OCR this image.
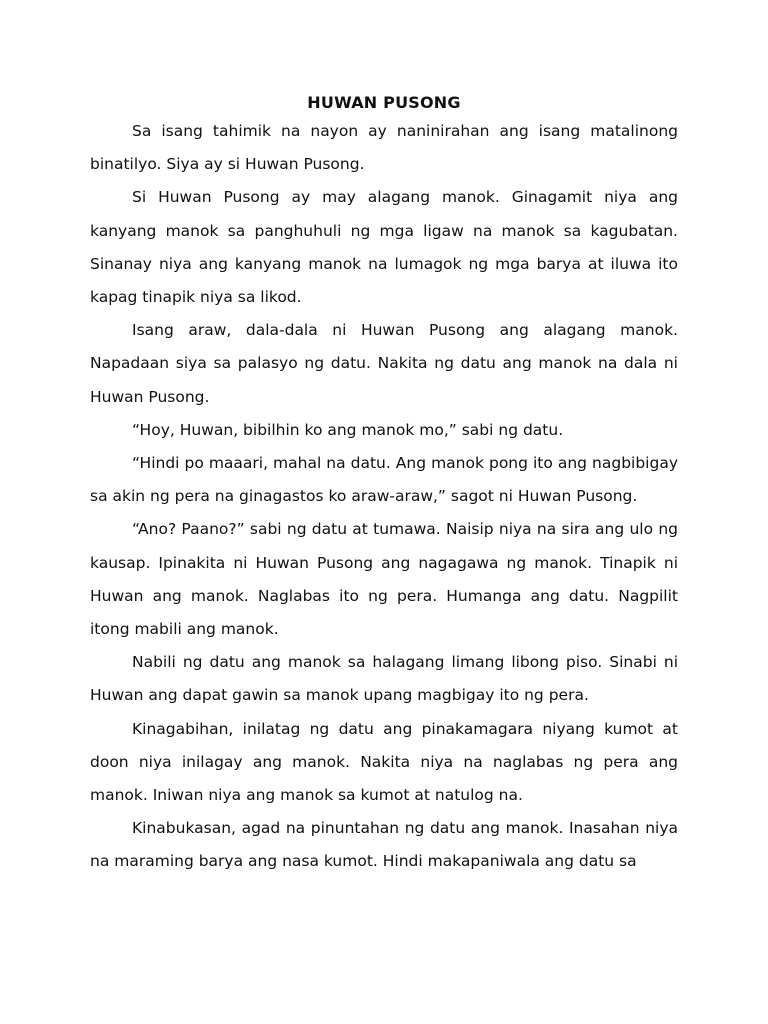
HUWAN PUSONG

Sa isang tahimik na nayon ay naninirahan ang isang matalinong binatilyo. Siya ay si Huwan Pusong.

Si Huwan Pusong ay may alagang manok. Ginagamit niya ang kanyang manok sa panghuhuli ng mga ligaw na manok sa kagubatan. Sinanay niya ang kanyang manok na lumagok ng mga barya at iluwa ito kapag tinapik niya sa likod.

Isang araw, dala-dala ni Huwan Pusong ang alagang manok. Napadaan siya sa palasyo ng datu. Nakita ng datu ang manok na dala ni Huwan Pusong.

“Hoy, Huwan, bibilhin ko ang manok mo,” sabi ng datu.

“Hindi po maaari, mahal na datu. Ang manok pong ito ang nagbibigay sa akin ng pera na ginagastos ko araw-araw,” sagot ni Huwan Pusong.

“Ano? Paano?” sabi ng datu at tumawa. Naisip niya na sira ang ulo ng kausap. Ipinakita ni Huwan Pusong ang nagagawa ng manok. Tinapik ni Huwan ang manok. Naglabas ito ng pera. Humanga ang datu. Nagpilit itong mabili ang manok.

Nabili ng datu ang manok sa halagang limang libong piso. Sinabi ni Huwan ang dapat gawin sa manok upang magbigay ito ng pera.

Kinagabihan, inilatag ng datu ang pinakamagara niyang kumot at doon niya inilagay ang manok. Nakita niya na naglabas ng pera ang manok. Iniwan niya ang manok sa kumot at natulog na.

Kinabukasan, agad na pinuntahan ng datu ang manok. Inasahan niya na maraming barya ang nasa kumot. Hindi makapaniwala ang datu sa
